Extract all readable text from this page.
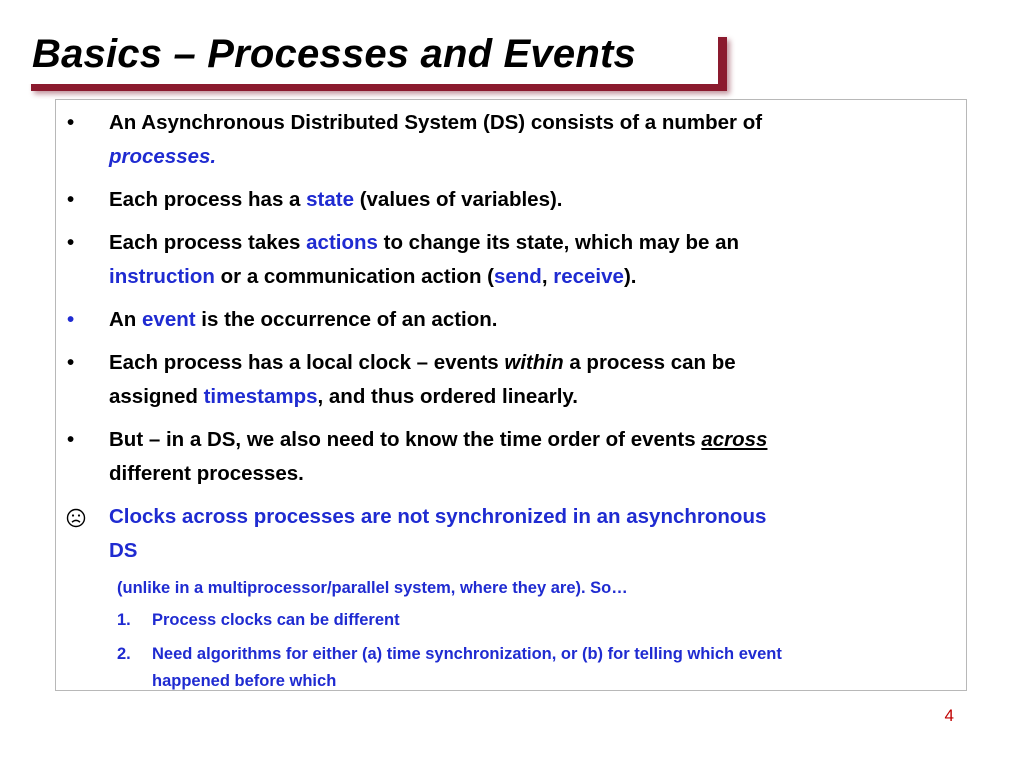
Basics – Processes and Events
• An Asynchronous Distributed System (DS) consists of a number of
processes.
• Each process has a state (values of variables).
• Each process takes actions to change its state, which may be an
instruction or a communication action (send, receive).
• An event is the occurrence of an action.
• Each process has a local clock – events within a process can be
assigned timestamps, and thus ordered linearly.
• But – in a DS, we also need to know the time order of events across
different processes.
Clocks across processes are not synchronized in an asynchronous
DS
(unlike in a multiprocessor/parallel system, where they are). So…
1. Process clocks can be different
2. Need algorithms for either (a) time synchronization, or (b) for telling which event
happened before which
4
